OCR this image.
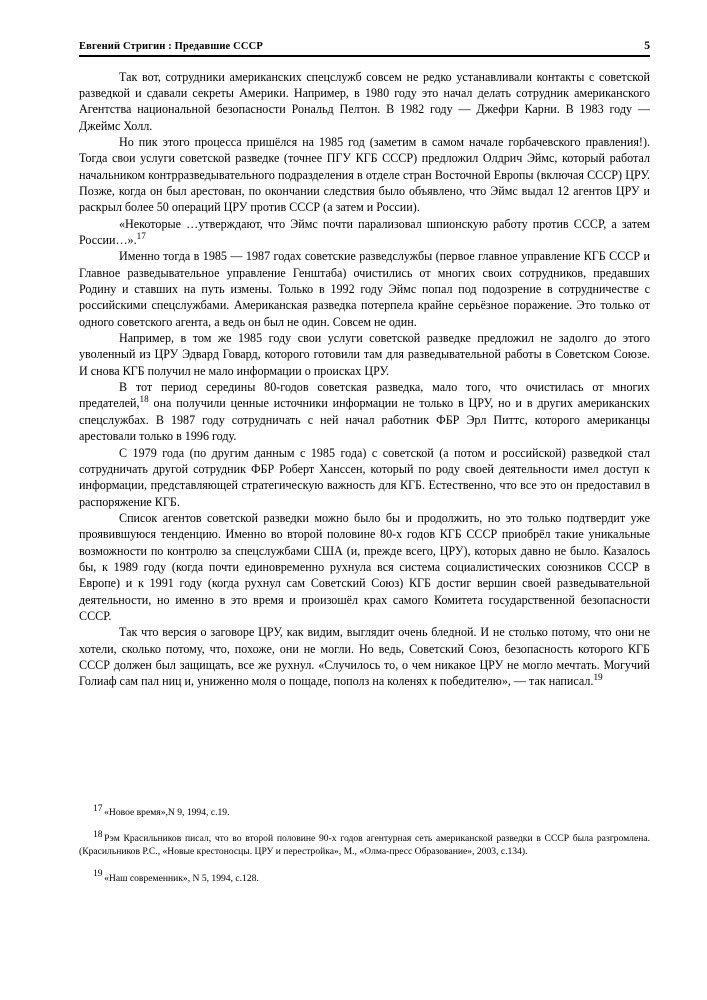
Евгений Стригин : Предавшие СССР	5

Так вот, сотрудники американских спецслужб совсем не редко устанавливали контакты с советской разведкой и сдавали секреты Америки. Например, в 1980 году это начал делать сотрудник американского Агентства национальной безопасности Рональд Пелтон. В 1982 году — Джефри Карни. В 1983 году — Джеймс Холл.

Но пик этого процесса пришёлся на 1985 год (заметим в самом начале горбачевского правления!). Тогда свои услуги советской разведке (точнее ПГУ КГБ СССР) предложил Олдрич Эймс, который работал начальником контрразведывательного подразделения в отделе стран Восточной Европы (включая СССР) ЦРУ. Позже, когда он был арестован, по окончании следствия было объявлено, что Эймс выдал 12 агентов ЦРУ и раскрыл более 50 операций ЦРУ против СССР (а затем и России).

«Некоторые …утверждают, что Эймс почти парализовал шпионскую работу против СССР, а затем России…».$^{17}$

Именно тогда в 1985 — 1987 годах советские разведслужбы (первое главное управление КГБ СССР и Главное разведывательное управление Генштаба) очистились от многих своих сотрудников, предавших Родину и ставших на путь измены. Только в 1992 году Эймс попал под подозрение в сотрудничестве с российскими спецслужбами. Американская разведка потерпела крайне серьёзное поражение. Это только от одного советского агента, а ведь он был не один. Совсем не один.

Например, в том же 1985 году свои услуги советской разведке предложил не задолго до этого уволенный из ЦРУ Эдвард Говард, которого готовили там для разведывательной работы в Советском Союзе. И снова КГБ получил не мало информации о происках ЦРУ.

В тот период середины 80-годов советская разведка, мало того, что очистилась от многих предателей,$^{18}$ она получили ценные источники информации не только в ЦРУ, но и в других американских спецслужбах. В 1987 году сотрудничать с ней начал работник ФБР Эрл Питтс, которого американцы арестовали только в 1996 году.

С 1979 года (по другим данным с 1985 года) с советской (а потом и российской) разведкой стал сотрудничать другой сотрудник ФБР Роберт Ханссен, который по роду своей деятельности имел доступ к информации, представляющей стратегическую важность для КГБ. Естественно, что все это он предоставил в распоряжение КГБ.

Список агентов советской разведки можно было бы и продолжить, но это только подтвердит уже проявившуюся тенденцию. Именно во второй половине 80-х годов КГБ СССР приобрёл такие уникальные возможности по контролю за спецслужбами США (и, прежде всего, ЦРУ), которых давно не было. Казалось бы, к 1989 году (когда почти единовременно рухнула вся система социалистических союзников СССР в Европе) и к 1991 году (когда рухнул сам Советский Союз) КГБ достиг вершин своей разведывательной деятельности, но именно в это время и произошёл крах самого Комитета государственной безопасности СССР.

Так что версия о заговоре ЦРУ, как видим, выглядит очень бледной. И не столько потому, что они не хотели, сколько потому, что, похоже, они не могли. Но ведь, Советский Союз, безопасность которого КГБ СССР должен был защищать, все же рухнул. «Случилось то, о чем никакое ЦРУ не могло мечтать. Могучий Голиаф сам пал ниц и, униженно моля о пощаде, пополз на коленях к победителю», — так написал.$^{19}$

17 «Новое время»,N 9, 1994, с.19.

18 Рэм Красильников писал, что во второй половине 90-х годов агентурная сеть американской разведки в СССР была разгромлена. (Красильников Р.С., «Новые крестоносцы. ЦРУ и перестройка», М., «Олма-пресс Образование», 2003, с.134).

19 «Наш современник», N 5, 1994, с.128.
